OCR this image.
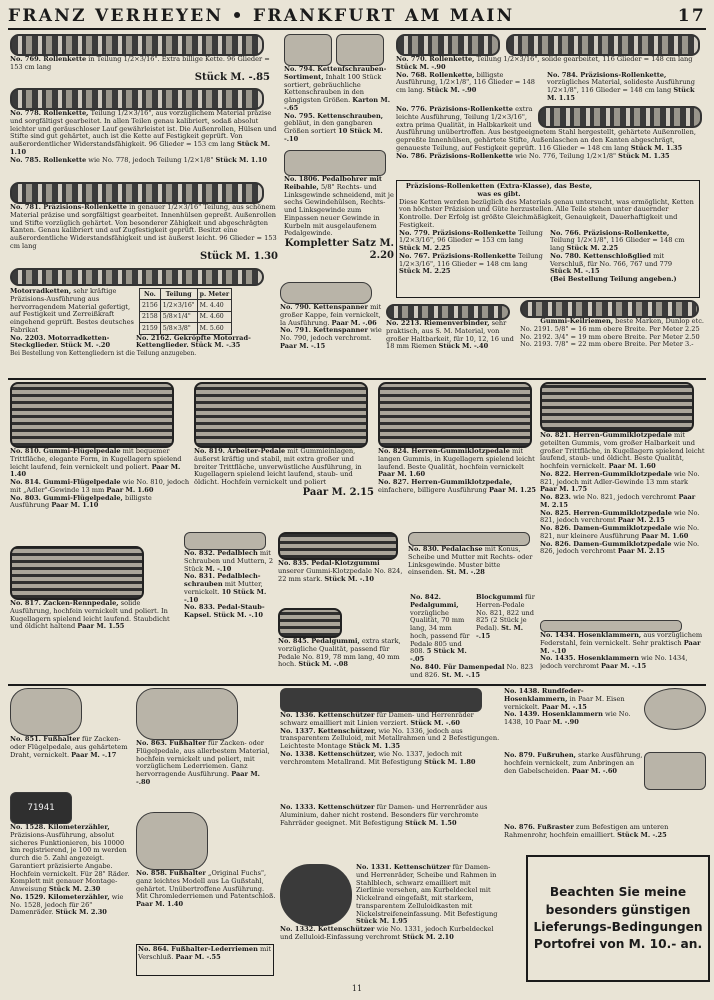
FRANZ VERHEYEN • FRANKFURT AM MAIN	17
No. 769. Rollenkette in Teilung 1/2×3/16". Extra billige Kette. 96 Glieder = 153 cm lang
Stück M. -.85
No. 778. Rollenkette, Teilung 1/2×3/16", aus vorzüglichem Material präzise und sorgfältigst gearbeitet. In allen Teilen genau kalibriert, sodaß absolut leichter und geräuschloser Lauf gewährleistet ist. Die Außenrollen, Hülsen und Stifte sind gut gehärtet, auch ist die Kette auf Festigkeit geprüft. Von außerordentlicher Widerstandsfähigkeit. 96 Glieder = 153 cm lang Stück M. 1.10
No. 785. Rollenkette wie No. 778, jedoch Teilung 1/2×1/8" Stück M. 1.10
No. 781. Präzisions-Rollenkette in genauer 1/2×3/16" Teilung, aus schönem Material präzise und sorgfältigst gearbeitet. Innenhülsen gepreßt. Außenrollen und Stifte vorzüglich gehärtet. Von besonderer Zähigkeit und abgeschrägten Kanten. Genau kalibriert und auf Zugfestigkeit geprüft. Besitzt eine außerordentliche Widerstandsfähigkeit und ist äußerst leicht. 96 Glieder = 153 cm lang
Stück M. 1.30
Motorradketten, sehr kräftige Präzisions-Ausführung aus hervorragendem Material gefertigt, auf Festigkeit und Zerreißkraft eingehend geprüft. Bestes deutsches Fabrikat
No.	Teilung	p. Meter
2156	1/2×3/16"	M. 4.40
2158	5/8×1/4"	M. 4.60
2159	5/8×3/8"	M. 5.60
No. 2203. Motorradketten-Steckglieder. Stück M. -.20
No. 2162. Gekröpfte Motorrad-Kettenglieder. Stück M. -.35
Bei Bestellung von Kettengliedern ist die Teilung anzugeben.
No. 794. Kettenfschrauben-Sortiment, Inhalt 100 Stück sortiert, gebräuchliche Kettenschrauben in den gängigsten Größen. Karton M. -.65
No. 795. Kettenschrauben, gebläut, in den gangbaren Größen sortiert 10 Stück M. -.10
No. 1806. Pedalbohrer mit Reibahle, 5/8" Rechts- und Linksgewinde schneidend, mit je sechs Gewindehülsen, Rechts- und Linksgewinde zum Einpassen neuer Gewinde in Kurbeln mit ausgelaufenem Pedalgewinde.
Kompletter Satz M. 2.20
No. 770. Rollenkette, Teilung 1/2×3/16", solide gearbeitet, 116 Glieder = 148 cm lang Stück M. -.90
No. 768. Rollenkette, billigste Ausführung, 1/2×1/8", 116 Glieder = 148 cm lang. Stück M. -.90
No. 784. Präzisions-Rollenkette, vorzügliches Material, solideste Ausführung 1/2×1/8", 116 Glieder = 148 cm lang Stück M. 1.15
No. 776. Präzisions-Rollenkette extra leichte Ausführung, Teilung 1/2×3/16", extra prima Qualität, in Halbkarkeit und Ausführung unübertroffen. Aus bestgeeignetem Stahl hergestellt, gehärtete Außenrollen, gepreßte Innenhülsen, gehärtete Stifte, Außenlaschen an den Kanten abgeschrägt, genaueste Teilung, auf Festigkeit geprüft. 116 Glieder = 148 cm lang Stück M. 1.35
No. 786. Präzisions-Rollenkette wie No. 776, Teilung 1/2×1/8" Stück M. 1.35
Präzisions-Rollenketten (Extra-Klasse), das Beste, was es gibt.
Diese Ketten werden bezüglich des Materials genau untersucht, was ermöglicht, Ketten von höchster Präzision und Güte herzustellen. Alle Teile stehen unter dauernder Kontrolle. Der Erfolg ist größte Gleichmäßigkeit, Genauigkeit, Dauerhaftigkeit und Festigkeit.
No. 779. Präzisions-Rollenkette Teilung 1/2×3/16", 96 Glieder = 153 cm lang Stück M. 2.25
No. 767. Präzisions-Rollenkette Teilung 1/2×3/16", 116 Glieder = 148 cm lang Stück M. 2.25
No. 766. Präzisions-Rollenkette, Teilung 1/2×1/8", 116 Glieder = 148 cm lang Stück M. 2.25
No. 780. Kettenschloßglied mit Verschluß, für No. 766, 767 und 779 Stück M. -.15
(Bei Bestellung Teilung angeben.)
No. 790. Kettenspanner mit großer Kappe, fein vernickelt, la Ausführung. Paar M. -.06
No. 791. Kettenspanner wie No. 790, jedoch verchromt. Paar M. -.15
No. 2213. Riemenverbinder, sehr praktisch, aus S. M. Material, von großer Haltbarkeit, für 10, 12, 16 und 18 mm Riemen Stück M. -.40
Gummi-Keilriemen, beste Marken, Dunlop etc.
No. 2191. 5/8" = 16 mm obere Breite. Per Meter 2.25
No. 2192. 3/4" = 19 mm obere Breite. Per Meter 2.50
No. 2193. 7/8" = 22 mm obere Breite. Per Meter 3.-
No. 810. Gummi-Flügelpedale mit bequemer Trittfläche, elegante Form, in Kugellagern spielend leicht laufend, fein vernickelt und poliert. Paar M. 1.40
No. 814. Gummi-Flügelpedale wie No. 810, jedoch mit „Adler"-Gewinde 13 mm Paar M. 1.60
No. 803. Gummi-Flügelpedale, billigste Ausführung Paar M. 1.10
No. 819. Arbeiter-Pedale mit Gummieinlagen, äußerst kräftig und stabil, mit extra großer und breiter Trittfläche, unverwüstliche Ausführung, in Kugellagern spielend leicht laufend, staub- und öldicht. Hochfein vernickelt und poliert
Paar M. 2.15
No. 824. Herren-Gummiklotzpedale mit langen Gummis, in Kugellagern spielend leicht laufend. Beste Qualität, hochfein vernickelt Paar M. 1.60
No. 827. Herren-Gummiklotzpedale, einfachere, billigere Ausführung Paar M. 1.25
No. 821. Herren-Gummiklotzpedale mit geteilten Gummis, vom großer Halbarkeit und großer Trittfläche, in Kugellagern spielend leicht laufend, staub- und öldicht. Beste Qualität, hochfein vernickelt. Paar M. 1.60
No. 822. Herren-Gummiklotzpedale wie No. 821, jedoch mit Adler-Gewinde 13 mm stark Paar M. 1.75
No. 823. wie No. 821, jedoch verchromt Paar M. 2.15
No. 825. Herren-Gummiklotzpedale wie No. 821, jedoch verchromt Paar M. 2.15
No. 826. Damen-Gummiklotzpedale wie No. 821, nur kleinere Ausführung Paar M. 1.60
No. 826. Damen-Gummiklotzpedale wie No. 826, jedoch verchromt Paar M. 2.15
No. 817. Zacken-Rennpedale, solide Ausführung, hochfein vernickelt und poliert. In Kugellagern spielend leicht laufend. Staubdicht und öldicht haltend Paar M. 1.55
No. 832. Pedalblech mit Schrauben und Muttern, 2 Stück M. -.10
No. 831. Pedalblech-schrauben mit Mutter, vernickelt. 10 Stück M. -.10
No. 833. Pedal-Staub-Kapsel. Stück M. -.10
No. 835. Pedal-Klotzgummi unserer Gummi-Klotzpedale No. 824, 22 mm stark. Stück M. -.10
No. 830. Pedalachse mit Konus, Scheibe und Mutter mit Rechts- oder Linksgewinde. Muster bitte einsenden. St. M. -.28
No. 845. Pedalgummi, extra stark, vorzügliche Qualität, passend für Pedale No. 819, 78 mm lang, 40 mm hoch. Stück M. -.08
No. 842. Pedalgummi, vorzügliche Qualität, 70 mm lang, 34 mm hoch, passend für Pedale 805 und 808. 5 Stück M. -.05
Blockgummi für Herren-Pedale No. 821, 822 und 825 (2 Stück je Pedal). St. M. -.15
No. 840. Für Damenpedal No. 823 und 826. St. M. -.15
No. 1434. Hosenklammern, aus vorzüglichem Federstahl, fein vernickelt. Sehr praktisch Paar M. -.10
No. 1435. Hosenklammern wie No. 1434, jedoch verchromt Paar M. -.15
No. 851. Fußhalter für Zacken- oder Flügelpedale, aus gehärtetem Draht, vernickelt. Paar M. -.17
No. 863. Fußhalter für Zacken- oder Flügelpedale, aus allerbestem Material, hochfein vernickelt und poliert, mit vorzüglichem Lederriemen. Ganz hervorragende Ausführung. Paar M. -.80
No. 1336. Kettenschützer für Damen- und Herrenräder schwarz emailliert mit Linien verziert. Stück M. -.60
No. 1337. Kettenschützer, wie No. 1336, jedoch aus transparentem Zelluloid, mit Metallrahmen und 2 Befestigungen. Leichteste Montage Stück M. 1.35
No. 1338. Kettenschützer, wie No. 1337, jedoch mit verchromtem Metallrand. Mit Befestigung Stück M. 1.80
No. 1438. Rundfeder-Hosenklammern, in Paar M. Eisen vernickelt. Paar M. -.15
No. 1439. Hosenklammern wie No. 1438, 10 Paar M. -.90
No. 879. Fußruhen, starke Ausführung, hochfein vernickelt, zum Anbringen an den Gabelscheiden. Paar M. -.60
71941
No. 1528. Kilometerzähler, Präzisions-Ausführung, absolut sicheres Funktionieren, bis 10000 km registrierend, je 100 m werden durch die 5. Zahl angezeigt. Garantiert präzisierte Angabe. Hochfein vernickelt. Für 28" Räder. Komplett mit genauer Montage-Anweisung Stück M. 2.30
No. 1529. Kilometerzähler, wie No. 1528, jedoch für 26" Damenräder. Stück M. 2.30
No. 858. Fußhalter „Original Fuchs", ganz leichtes Modell aus La Gußstahl, gehärtet. Unübertroffene Ausführung. Mit Chromlederriemen und Patentschloß. Paar M. 1.40
No. 864. Fußhalter-Lederriemen mit Verschluß. Paar M. -.55
No. 1333. Kettenschützer für Damen- und Herrenräder aus Aluminium, daher nicht rostend. Besonders für verchromte Fahrräder geeignet. Mit Befestigung Stück M. 1.50
No. 1331. Kettenschützer für Damen- und Herrenräder, Scheibe und Rahmen in Stahlblech, schwarz emailliert mit Zierlinie versehen, am Kurbeldeckel mit Nickelrand eingefaßt, mit starkem, transparentem Zelluloidkasten mit Nickelstreifeneinfassung. Mit Befestigung Stück M. 1.95
No. 1332. Kettenschützer wie No. 1331, jedoch Kurbeldeckel und Zelluloid-Einfassung verchromt Stück M. 2.10
No. 876. Fußraster zum Befestigen am unteren Rahmenrohr, hochfein emailliert. Stück M. -.25
Beachten Sie meine
besonders günstigen
Lieferungs-Bedingungen
Portofrei von M. 10.- an.
11
